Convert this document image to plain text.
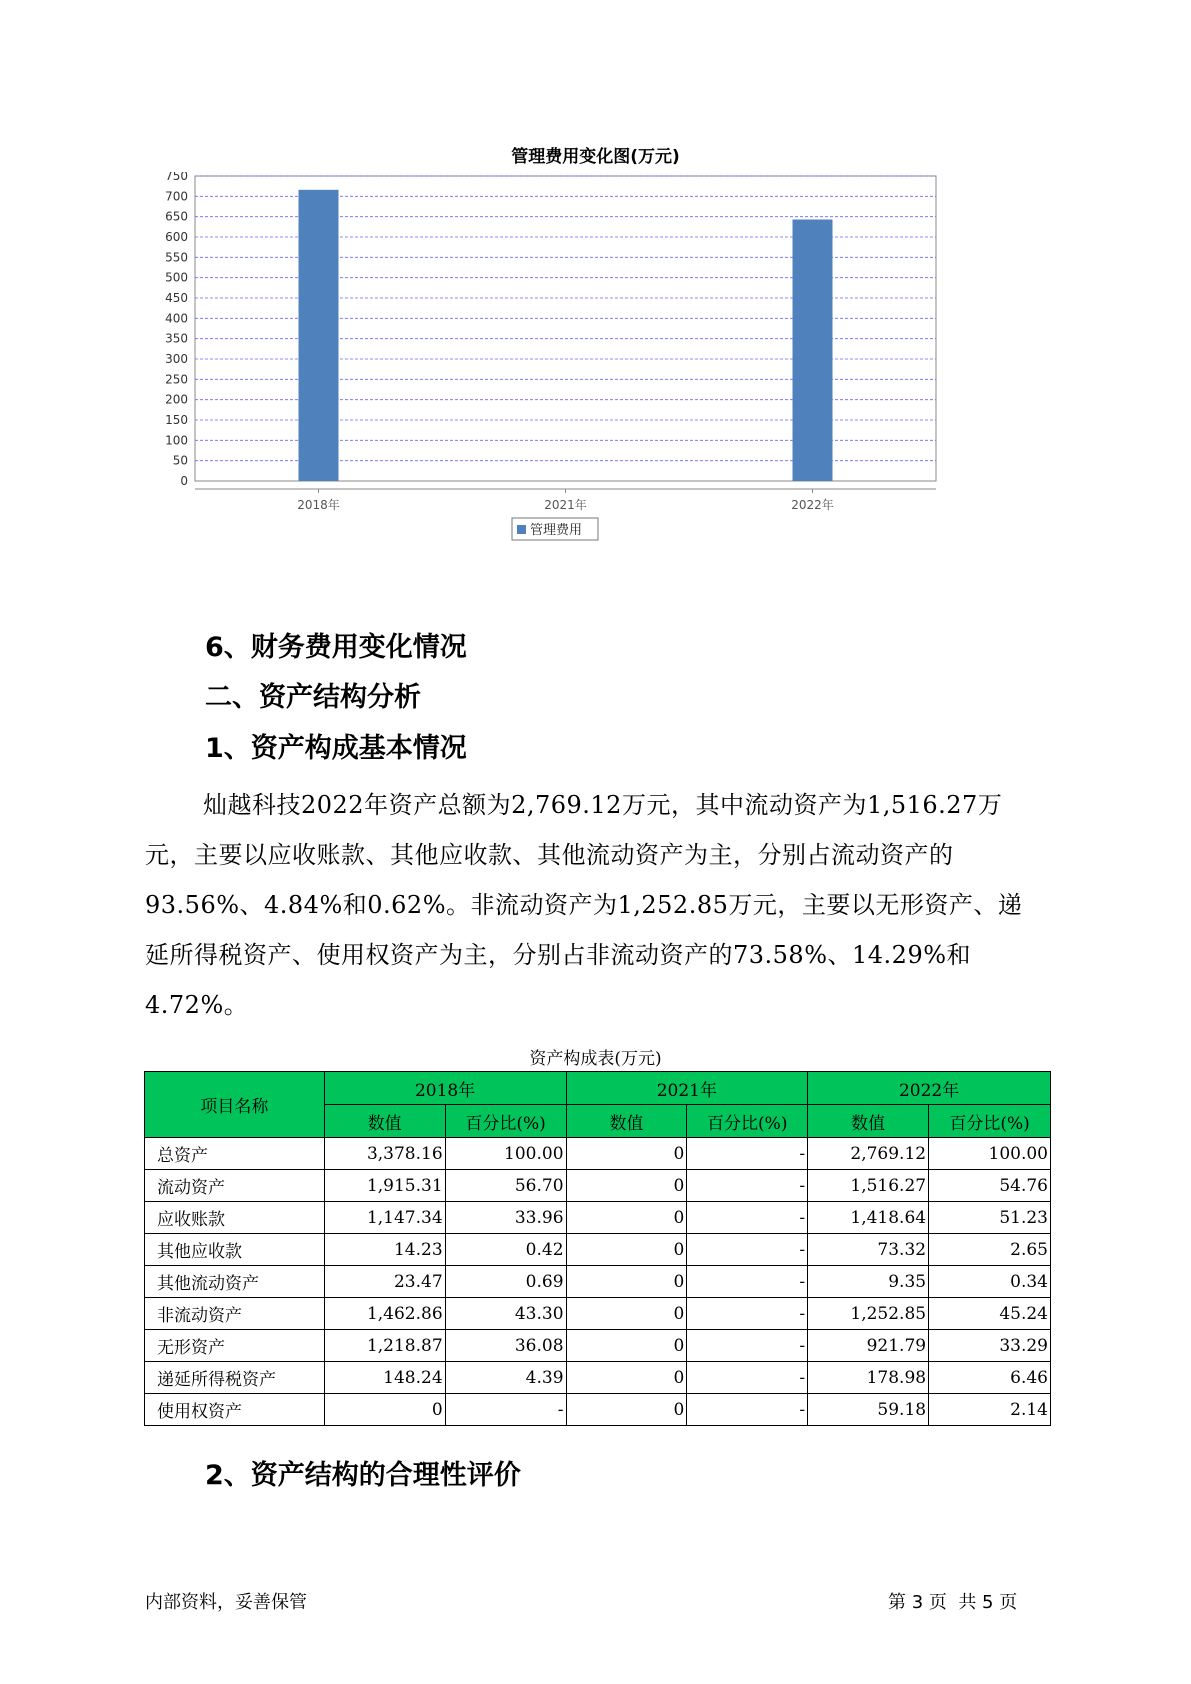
管理费用变化图(万元)
0
50
100
150
200
250
300
350
400
450
500
550
600
650
700
750
2018年	2021年	2022年
管理费用
6、财务费用变化情况
二、资产结构分析
1、资产构成基本情况

灿越科技2022年资产总额为2,769.12万元，其中流动资产为1,516.27万元，主要以应收账款、其他应收款、其他流动资产为主，分别占流动资产的93.56%、4.84%和0.62%。非流动资产为1,252.85万元，主要以无形资产、递延所得税资产、使用权资产为主，分别占非流动资产的73.58%、14.29%和4.72%。

资产构成表(万元)
项目名称	2018年		2021年		2022年	
	数值	百分比(%)	数值	百分比(%)	数值	百分比(%)
总资产	3,378.16	100.00	0	-	2,769.12	100.00
流动资产	1,915.31	56.70	0	-	1,516.27	54.76
应收账款	1,147.34	33.96	0	-	1,418.64	51.23
其他应收款	14.23	0.42	0	-	73.32	2.65
其他流动资产	23.47	0.69	0	-	9.35	0.34
非流动资产	1,462.86	43.30	0	-	1,252.85	45.24
无形资产	1,218.87	36.08	0	-	921.79	33.29
递延所得税资产	148.24	4.39	0	-	178.98	6.46
使用权资产	0	-	0	-	59.18	2.14
2、资产结构的合理性评价
内部资料，妥善保管	第 3 页  共 5 页
